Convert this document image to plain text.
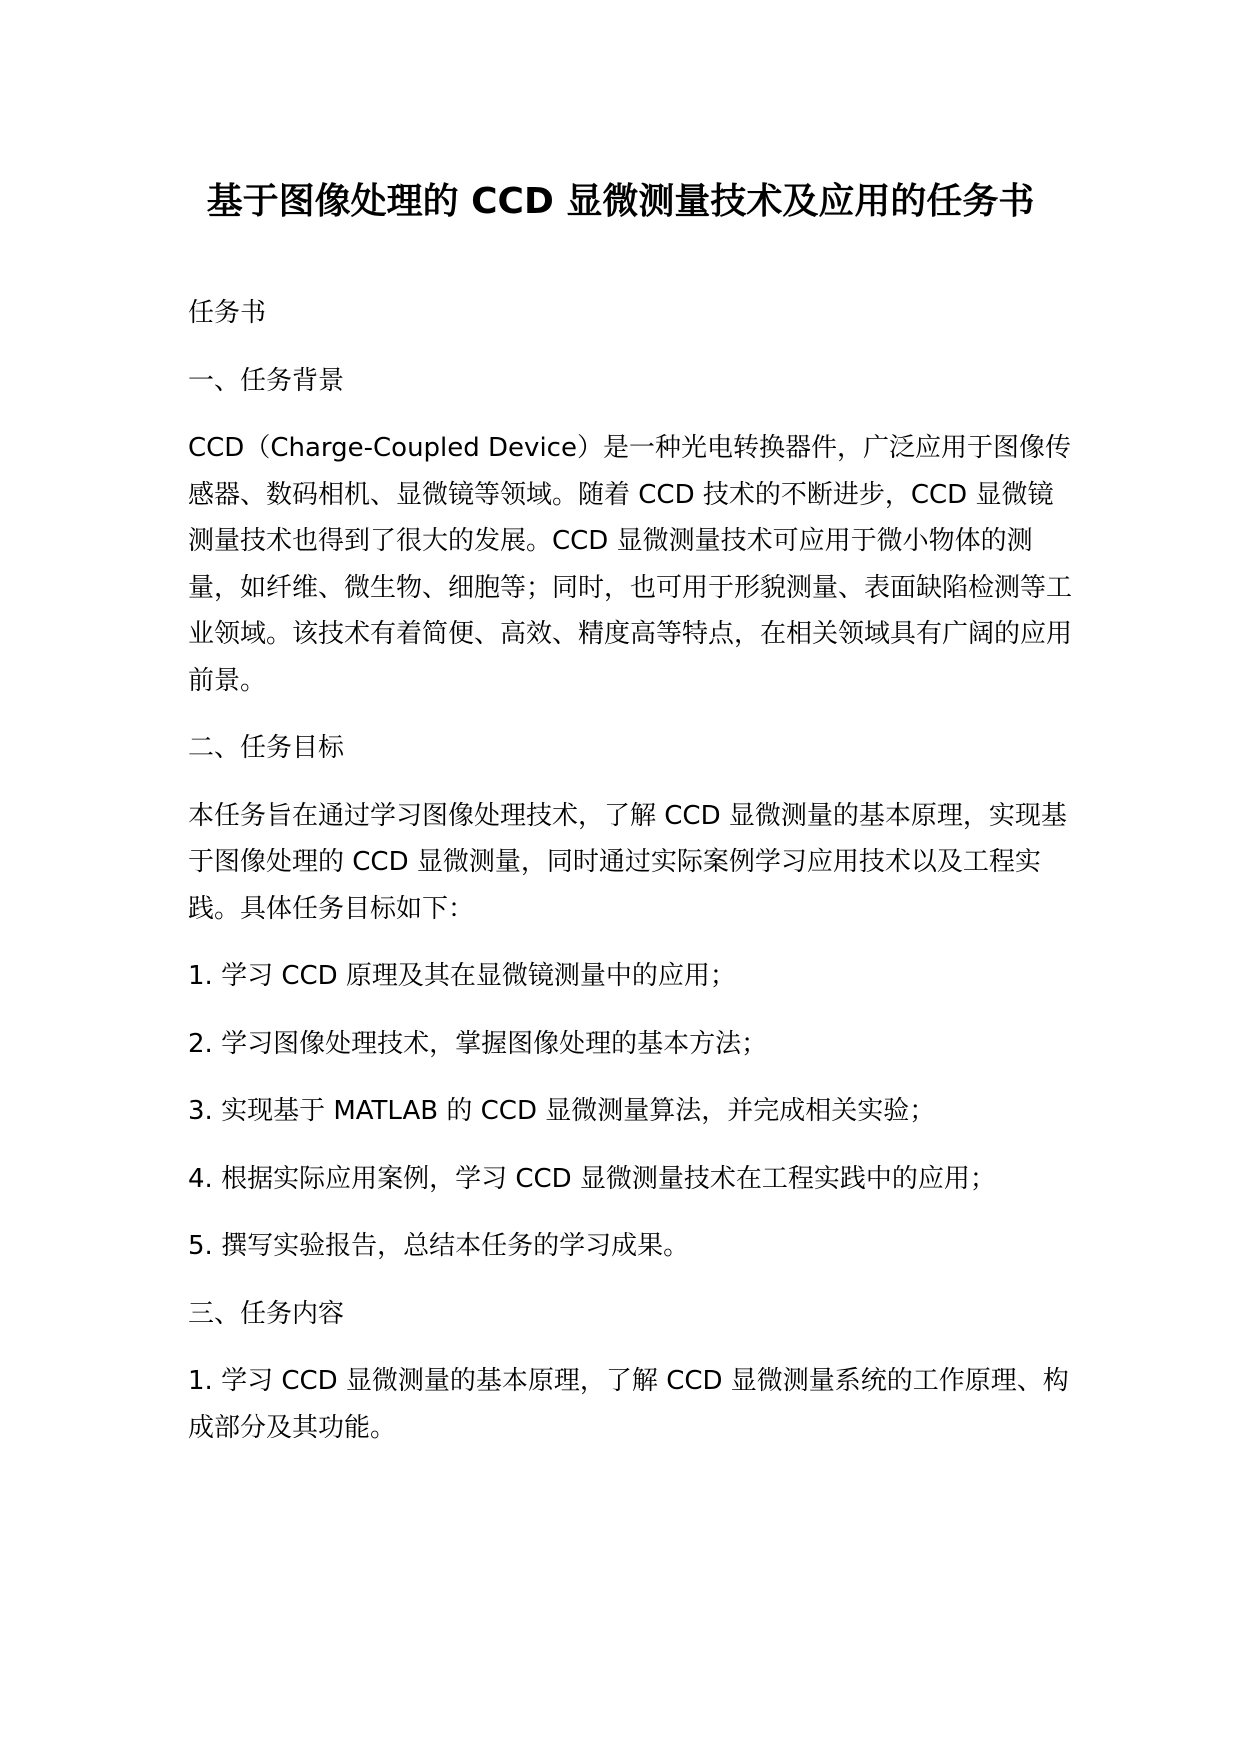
基于图像处理的 CCD 显微测量技术及应用的任务书

任务书

一、任务背景

CCD（Charge-Coupled Device）是一种光电转换器件，广泛应用于图像传感器、数码相机、显微镜等领域。随着 CCD 技术的不断进步，CCD 显微镜测量技术也得到了很大的发展。CCD 显微测量技术可应用于微小物体的测量，如纤维、微生物、细胞等；同时，也可用于形貌测量、表面缺陷检测等工业领域。该技术有着简便、高效、精度高等特点，在相关领域具有广阔的应用前景。

二、任务目标

本任务旨在通过学习图像处理技术，了解 CCD 显微测量的基本原理，实现基于图像处理的 CCD 显微测量，同时通过实际案例学习应用技术以及工程实践。具体任务目标如下：

1. 学习 CCD 原理及其在显微镜测量中的应用；

2. 学习图像处理技术，掌握图像处理的基本方法；

3. 实现基于 MATLAB 的 CCD 显微测量算法，并完成相关实验；

4. 根据实际应用案例，学习 CCD 显微测量技术在工程实践中的应用；

5. 撰写实验报告，总结本任务的学习成果。

三、任务内容

1. 学习 CCD 显微测量的基本原理，了解 CCD 显微测量系统的工作原理、构成部分及其功能。
